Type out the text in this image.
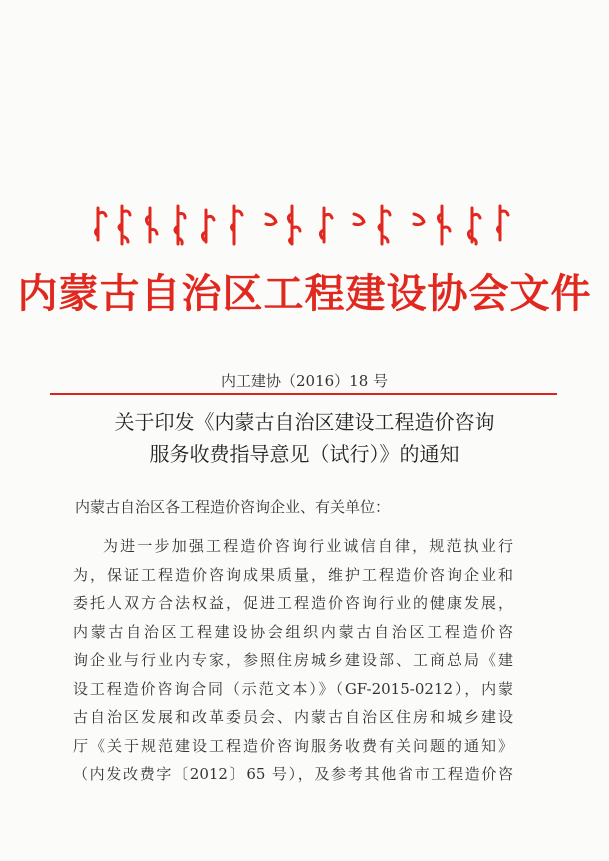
内蒙古自治区工程建设协会文件
内工建协（2016）18 号
关于印发《内蒙古自治区建设工程造价咨询
服务收费指导意见（试行）》的通知
内蒙古自治区各工程造价咨询企业、有关单位：
为进一步加强工程造价咨询行业诚信自律，规范执业行
为，保证工程造价咨询成果质量，维护工程造价咨询企业和
委托人双方合法权益，促进工程造价咨询行业的健康发展，
内蒙古自治区工程建设协会组织内蒙古自治区工程造价咨
询企业与行业内专家，参照住房城乡建设部、工商总局《建
设工程造价咨询合同（示范文本）》（GF-2015-0212），内蒙
古自治区发展和改革委员会、内蒙古自治区住房和城乡建设
厅《关于规范建设工程造价咨询服务收费有关问题的通知》
（内发改费字〔2012〕65 号），及参考其他省市工程造价咨
